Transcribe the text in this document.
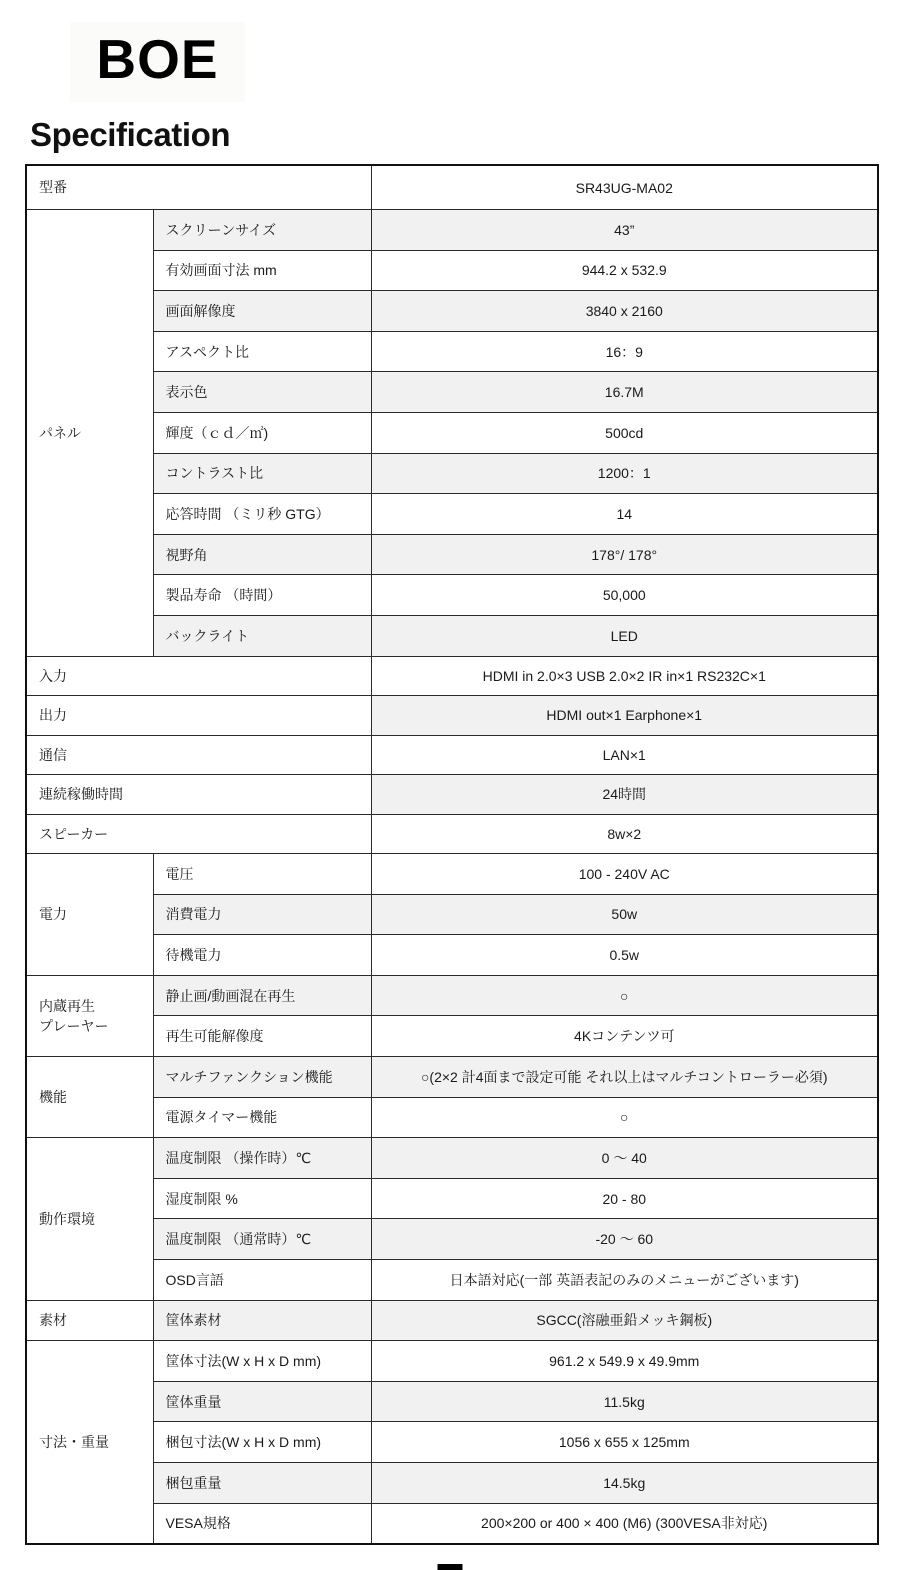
BOE
Specification
型番		SR43UG-MA02
パネル	スクリーンサイズ	43”
	有効画面寸法 mm	944.2 x 532.9
	画面解像度	3840 x 2160
	アスペクト比	16：9
	表示色	16.7M
	輝度（ｃｄ／㎡)	500cd
	コントラスト比	1200：1
	応答時間 （ミリ秒 GTG）	14
	視野角	178°/ 178°
	製品寿命 （時間）	50,000
	バックライト	LED
入力		HDMI in 2.0×3 USB 2.0×2 IR in×1 RS232C×1
出力		HDMI out×1 Earphone×1
通信		LAN×1
連続稼働時間		24時間
スピーカー		8w×2
電力	電圧	100 - 240V AC
	消費電力	50w
	待機電力	0.5w
内蔵再生
プレーヤー	静止画/動画混在再生	○
	再生可能解像度	4Kコンテンツ可
機能	マルチファンクション機能	○(2×2 計4面まで設定可能 それ以上はマルチコントローラー必須)
	電源タイマー機能	○
動作環境	温度制限 （操作時）℃	0 ～ 40
	湿度制限 %	20 - 80
	温度制限 （通常時）℃	-20 ～ 60
	OSD言語	日本語対応(一部 英語表記のみのメニューがございます)
素材	筐体素材	SGCC(溶融亜鉛メッキ鋼板)
寸法・重量	筐体寸法(W x H x D mm)	961.2 x 549.9 x 49.9mm
	筐体重量	11.5kg
	梱包寸法(W x H x D mm)	1056 x 655 x 125mm
	梱包重量	14.5kg
	VESA規格	200×200 or 400 × 400 (M6) (300VESA非対応)
